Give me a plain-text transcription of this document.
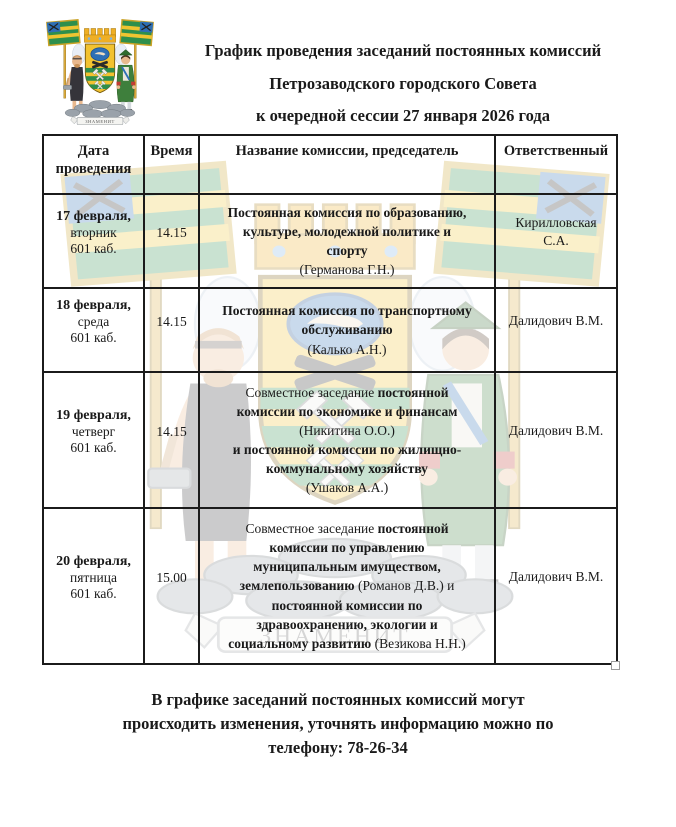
График проведения заседаний постоянных комиссий
Петрозаводского городского Совета
к очередной сессии 27 января 2026 года
Дата проведения	Время	Название комиссии, председатель	Ответственный

17 февраля,
вторник
601 каб.
	14.15	
Постоянная комиссия по образованию,
культуре, молодежной политике и
спорту
(Германова Г.Н.)
	Кирилловская С.А.

18 февраля,
среда
601 каб.
	14.15	
Постоянная комиссия по транспортному
обслуживанию
(Калько А.Н.)
	Далидович В.М.

19 февраля,
четверг
601 каб.
	14.15	
Совместное заседание постоянной
комиссии по экономике и финансам
(Никитина О.О.)
и постоянной комиссии по жилищно-
коммунальному хозяйству
(Ушаков А.А.)
	Далидович В.М.

20 февраля,
пятница
601 каб.
	15.00	
Совместное заседание постоянной
комиссии по управлению
муниципальным имуществом,
землепользованию (Романов Д.В.) и
постоянной комиссии по
здравоохранению, экологии и
социальному развитию (Везикова Н.Н.)
	Далидович В.М.
В графике заседаний постоянных комиссий могут
происходить изменения, уточнять информацию можно по
телефону: 78-26-34
